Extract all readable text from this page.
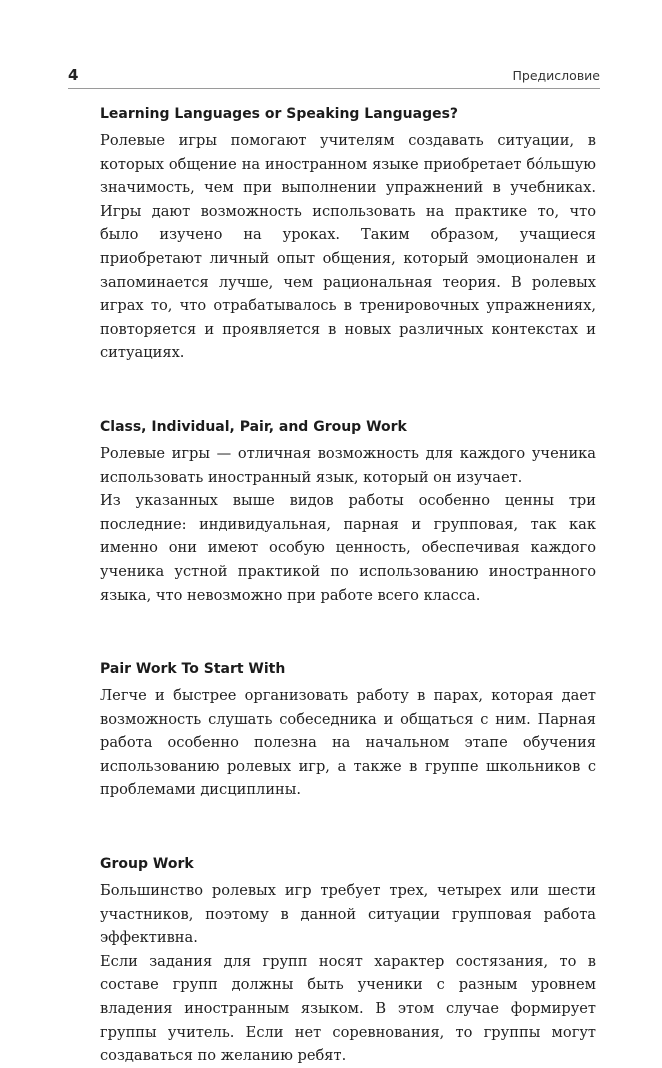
4	Предисловие
Learning Languages or Speaking Languages?

Ролевые игры помогают учителям создавать ситуации, в которых общение на иностранном языке приобретает бо́льшую значимость, чем при выполнении упражнений в учебниках. Игры дают возможность использовать на практике то, что было изучено на уроках. Таким образом, учащиеся приобретают личный опыт общения, который эмоционален и запоминается лучше, чем рациональная теория. В ролевых играх то, что отрабатывалось в тренировочных упражнениях, повторяется и проявляется в новых различных контекстах и ситуациях.

Class, Individual, Pair, and Group Work

Ролевые игры — отличная возможность для каждого ученика использовать иностранный язык, который он изучает.

Из указанных выше видов работы особенно ценны три последние: индивидуальная, парная и групповая, так как именно они имеют особую ценность, обеспечивая каждого ученика устной практикой по использованию иностранного языка, что невозможно при работе всего класса.

Pair Work To Start With

Легче и быстрее организовать работу в парах, которая дает возможность слушать собеседника и общаться с ним. Парная работа особенно полезна на начальном этапе обучения использованию ролевых игр, а также в группе школьников с проблемами дисциплины.

Group Work

Большинство ролевых игр требует трех, четырех или шести участников, поэтому в данной ситуации групповая работа эффективна.

Если задания для групп носят характер состязания, то в составе групп должны быть ученики с разным уровнем владения иностранным языком. В этом случае формирует группы учитель. Если нет соревнования, то группы могут создаваться по желанию ребят.
